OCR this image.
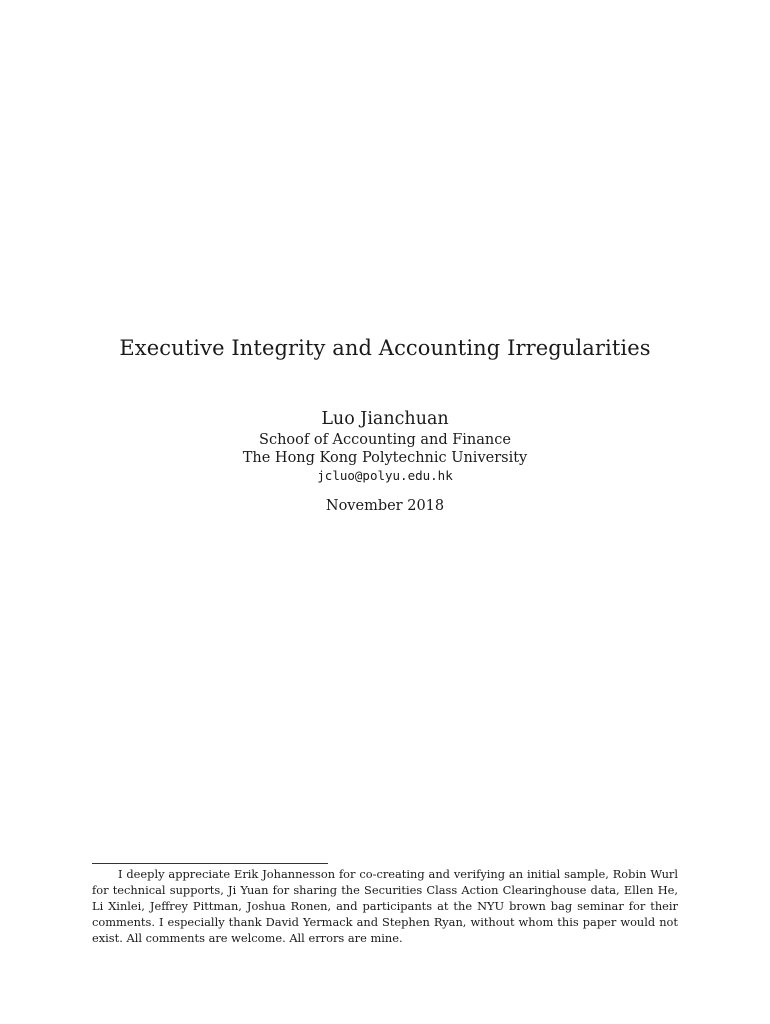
Executive Integrity and Accounting Irregularities
Luo Jianchuan
Schoof of Accounting and Finance
The Hong Kong Polytechnic University
jcluo@polyu.edu.hk
November 2018
I deeply appreciate Erik Johannesson for co-creating and verifying an initial sample, Robin Wurl for technical supports, Ji Yuan for sharing the Securities Class Action Clearinghouse data, Ellen He, Li Xinlei, Jeffrey Pittman, Joshua Ronen, and participants at the NYU brown bag seminar for their comments. I especially thank David Yermack and Stephen Ryan, without whom this paper would not exist. All comments are welcome. All errors are mine.
